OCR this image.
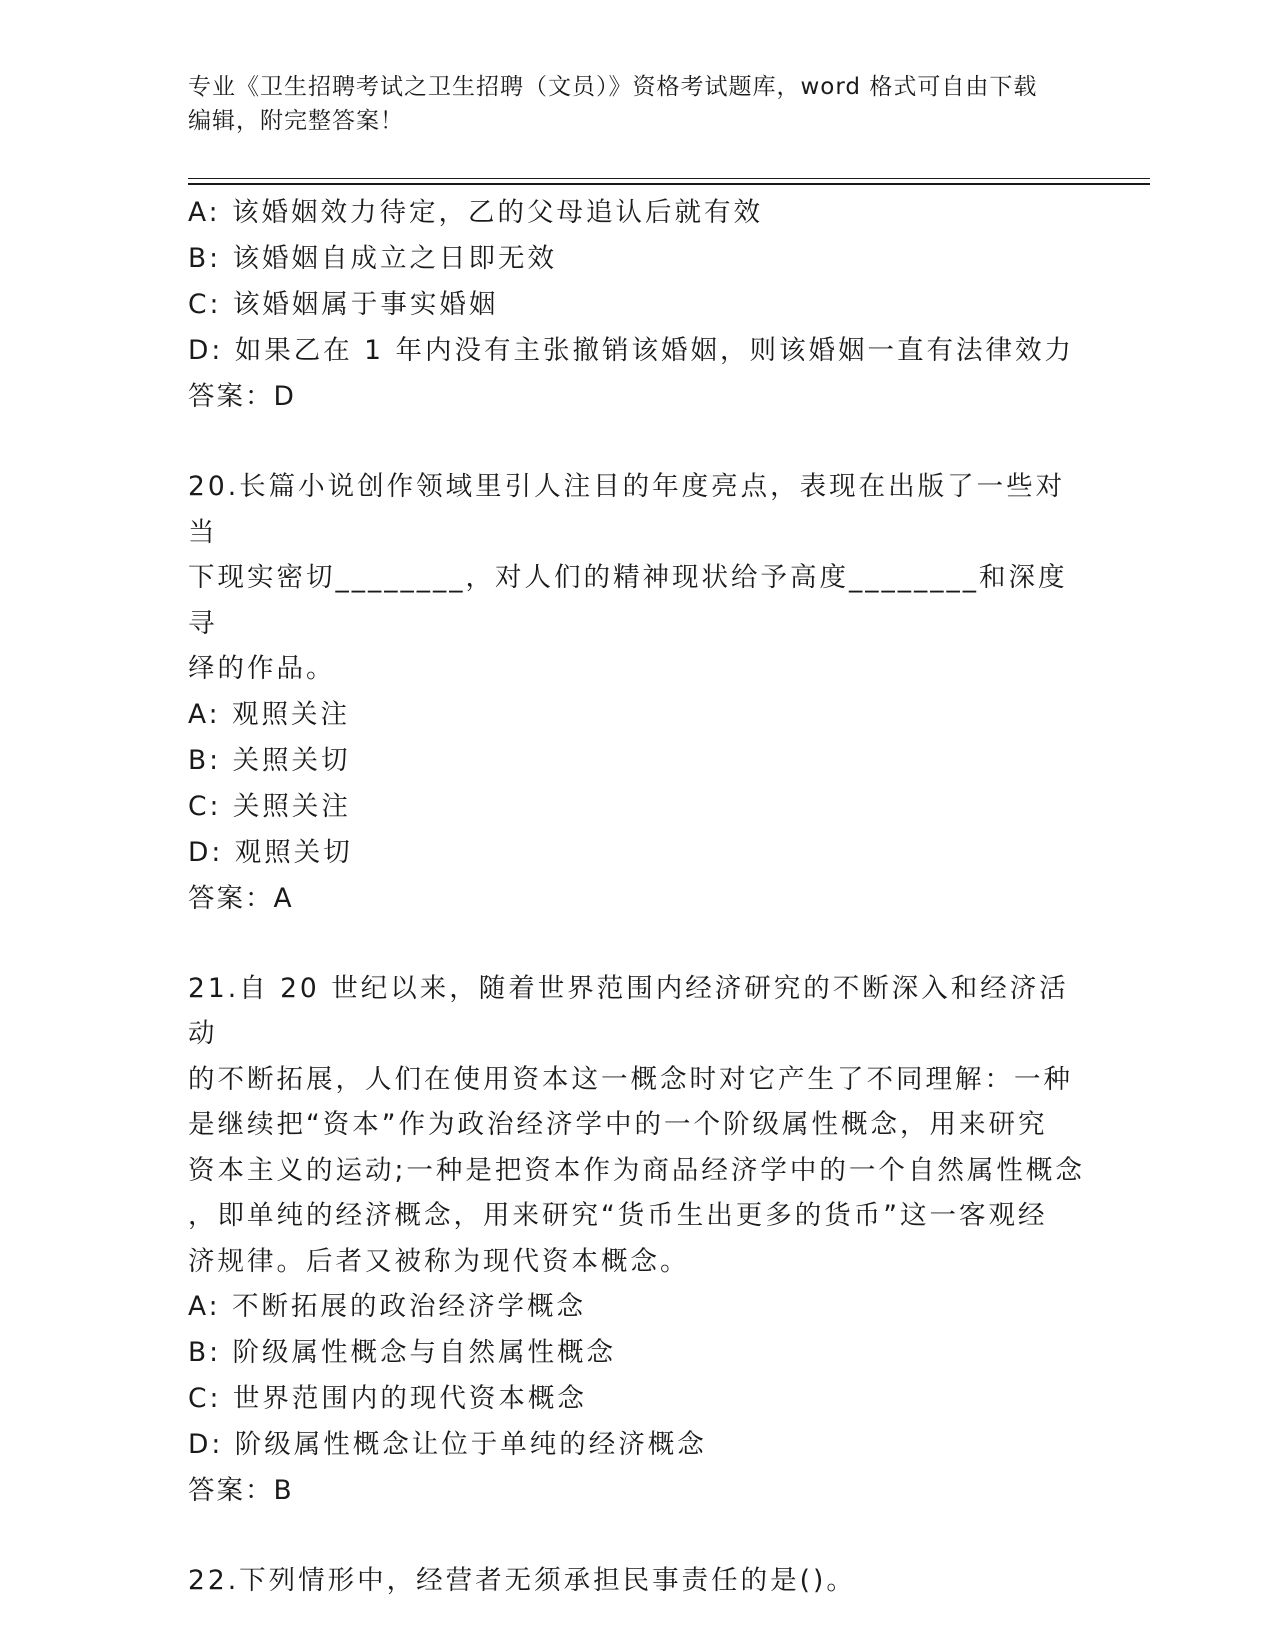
专业《卫生招聘考试之卫生招聘（文员）》资格考试题库，word 格式可自由下载
编辑，附完整答案！
A: 该婚姻效力待定，乙的父母追认后就有效
B: 该婚姻自成立之日即无效
C: 该婚姻属于事实婚姻
D: 如果乙在 1 年内没有主张撤销该婚姻，则该婚姻一直有法律效力
答案：D
20.长篇小说创作领域里引人注目的年度亮点，表现在出版了一些对当
下现实密切________，对人们的精神现状给予高度________和深度寻
绎的作品。
A: 观照关注
B: 关照关切
C: 关照关注
D: 观照关切
答案：A
21.自 20 世纪以来，随着世界范围内经济研究的不断深入和经济活动
的不断拓展，人们在使用资本这一概念时对它产生了不同理解：一种
是继续把“资本”作为政治经济学中的一个阶级属性概念，用来研究
资本主义的运动;一种是把资本作为商品经济学中的一个自然属性概念
，即单纯的经济概念，用来研究“货币生出更多的货币”这一客观经
济规律。后者又被称为现代资本概念。
A: 不断拓展的政治经济学概念
B: 阶级属性概念与自然属性概念
C: 世界范围内的现代资本概念
D: 阶级属性概念让位于单纯的经济概念
答案：B
22.下列情形中，经营者无须承担民事责任的是()。
